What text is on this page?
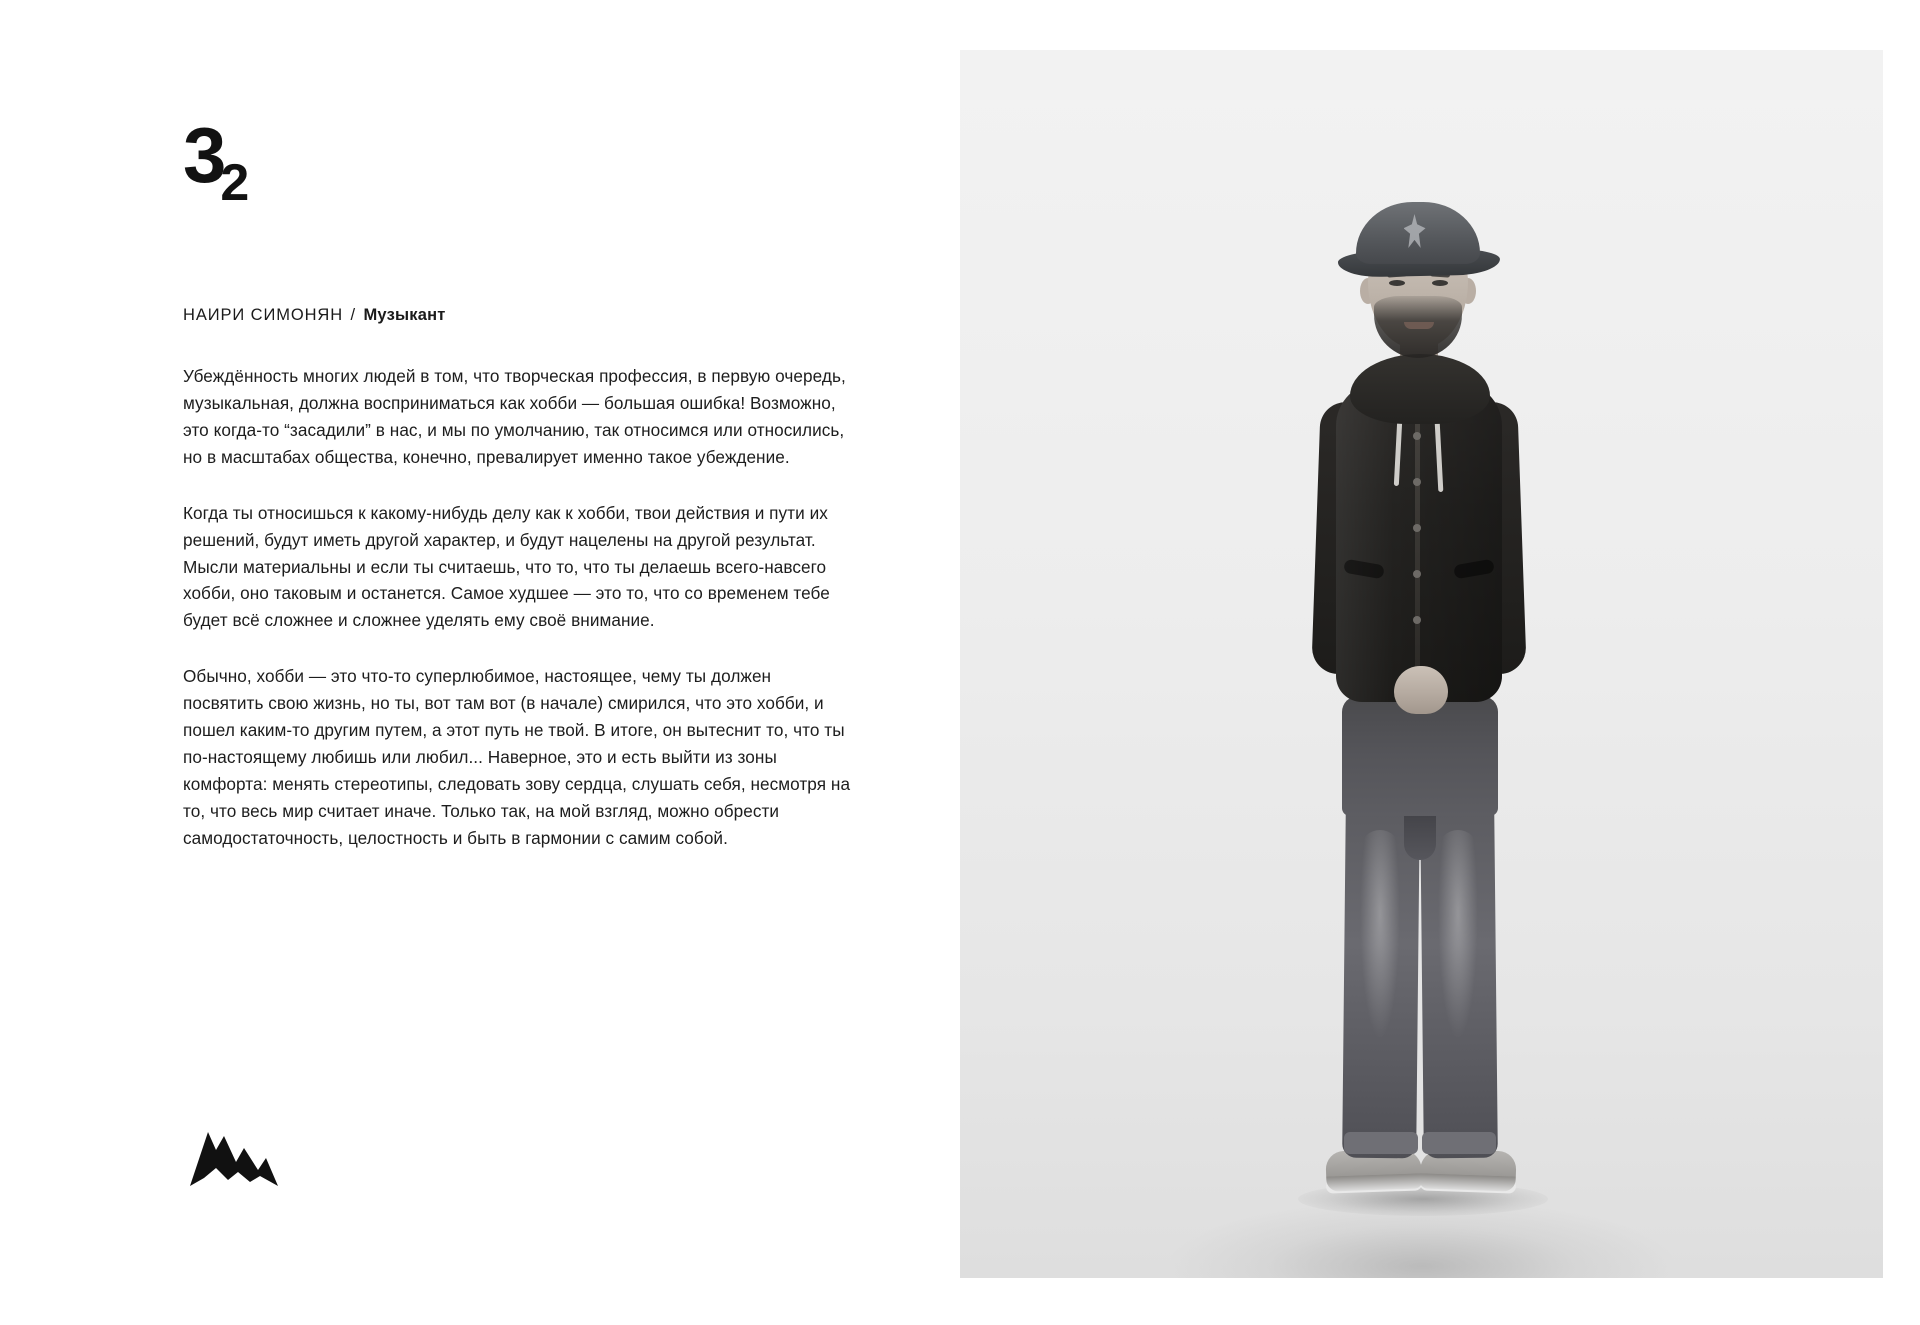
32
НАИРИ СИМОНЯН / Музыкант

Убеждённость многих людей в том, что творческая профессия, в первую очередь, музыкальная, должна восприниматься как хобби — большая ошибка! Возможно, это когда-то “засадили” в нас, и мы по умолчанию, так относимся или относились, но в масштабах общества, конечно, превалирует именно такое убеждение.

Когда ты относишься к какому-нибудь делу как к хобби, твои действия и пути их решений, будут иметь другой характер, и будут нацелены на другой результат. Мысли материальны и если ты считаешь, что то, что ты делаешь всего-навсего хобби, оно таковым и останется. Самое худшее — это то, что со временем тебе будет всё сложнее и сложнее уделять ему своё внимание.

Обычно, хобби — это что-то суперлюбимое, настоящее, чему ты должен посвятить свою жизнь, но ты, вот там вот (в начале) смирился, что это хобби, и пошел каким-то другим путем, а этот путь не твой. В итоге, он вытеснит то, что ты по-настоящему любишь или любил... Наверное, это и есть выйти из зоны комфорта: менять стереотипы, следовать зову сердца, слушать себя, несмотря на то, что весь мир считает иначе. Только так, на мой взгляд, можно обрести самодостаточность, целостность и быть в гармонии с самим собой.
